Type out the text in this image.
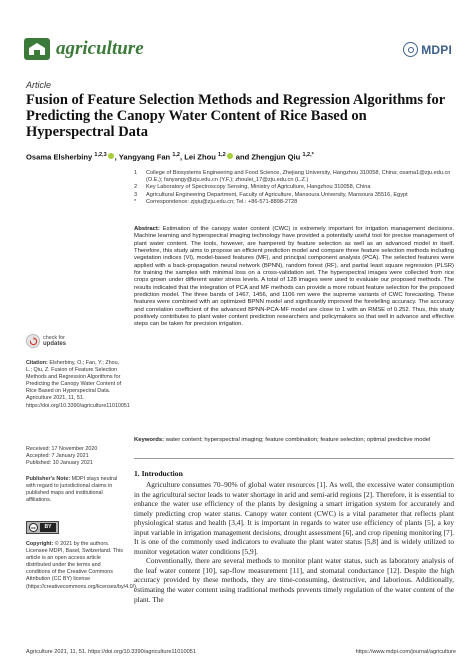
agriculture	MDPI
Article
Fusion of Feature Selection Methods and Regression Algorithms for Predicting the Canopy Water Content of Rice Based on Hyperspectral Data
Osama Elsherbiny $^{1,2,3}$ , Yangyang Fan $^{1,2}$, Lei Zhou $^{1,2}$ and Zhengjun Qiu $^{1,2,*}$
1	College of Biosystems Engineering and Food Science, Zhejiang University, Hangzhou 310058, China; osama1@zju.edu.cn (O.E.); fanyangy@zju.edu.cn (Y.F.); zhoulei_17@zju.edu.cn (L.Z.)
2	Key Laboratory of Spectroscopy Sensing, Ministry of Agriculture, Hangzhou 310058, China
3	Agricultural Engineering Department, Faculty of Agriculture, Mansoura University, Mansoura 35516, Egypt
*	Correspondence: zjqiu@zju.edu.cn; Tel.: +86-571-8898-2728
Abstract: Estimation of the canopy water content (CWC) is extremely important for irrigation management decisions. Machine learning and hyperspectral imaging technology have provided a potentially useful tool for precise management of plant water content. The tools, however, are hampered by feature selection as well as an advanced model in itself. Therefore, this study aims to propose an efficient prediction model and compare three feature selection methods including vegetation indices (VI), model-based features (MF), and principal component analysis (PCA). The selected features were applied with a back-propagation neural network (BPNN), random forest (RF), and partial least square regression (PLSR) for training the samples with minimal loss on a cross-validation set. The hyperspectral images were collected from rice crops grown under different water stress levels. A total of 128 images were used to evaluate our proposed methods. The results indicated that the integration of PCA and MF methods can provide a more robust feature selection for the proposed prediction model. The three bands of 1467, 1456, and 1106 nm were the supreme variants of CWC forecasting. These features were combined with an optimized BPNN model and significantly improved the foretelling accuracy. The accuracy and correlation coefficient of the advanced BPNN-PCA-MF model are close to 1 with an RMSE of 0.252. Thus, this study positively contributes to plant water content prediction researchers and policymakers so that well in advance and effective steps can be taken for precision irrigation.
Keywords: water content; hyperspectral imaging; feature combination; feature selection; optimal predictive model
1. Introduction

Agriculture consumes 70–90% of global water resources [1]. As well, the excessive water consumption in the agricultural sector leads to water shortage in arid and semi-arid regions [2]. Therefore, it is essential to enhance the water use efficiency of the plants by designing a smart irrigation system for accurately and timely predicting crop water status. Canopy water content (CWC) is a vital parameter that reflects plant physiological status and health [3,4]. It is important in regards to water use efficiency of plants [5], a key input variable in irrigation management decisions, drought assessment [6], and crop ripening monitoring [7]. It is one of the commonly used indicators to evaluate the plant water status [5,8] and is widely utilized to monitor vegetation water conditions [5,9].

Conventionally, there are several methods to monitor plant water status, such as laboratory analysis of the leaf water content [10], sap-flow measurement [11], and stomatal conductance [12]. Despite the high accuracy provided by these methods, they are time-consuming, destructive, and laborious. Additionally, estimating the water content using traditional methods prevents timely regulation of the water content of the plant. The

check for
updates
Citation: Elsherbiny, O.; Fan, Y.; Zhou, L.; Qiu, Z. Fusion of Feature Selection Methods and Regression Algorithms for Predicting the Canopy Water Content of Rice Based on Hyperspectral Data. Agriculture 2021, 11, 51. https://doi.org/10.3390/agriculture11010051
Received: 17 November 2020
Accepted: 7 January 2021
Published: 10 January 2021
Publisher's Note: MDPI stays neutral with regard to jurisdictional claims in published maps and institutional affiliations.
cc	BY
Copyright: © 2021 by the authors. Licensee MDPI, Basel, Switzerland. This article is an open access article distributed under the terms and conditions of the Creative Commons Attribution (CC BY) license (https://creativecommons.org/licenses/by/4.0/).
Agriculture 2021, 11, 51. https://doi.org/10.3390/agriculture11010051	https://www.mdpi.com/journal/agriculture
